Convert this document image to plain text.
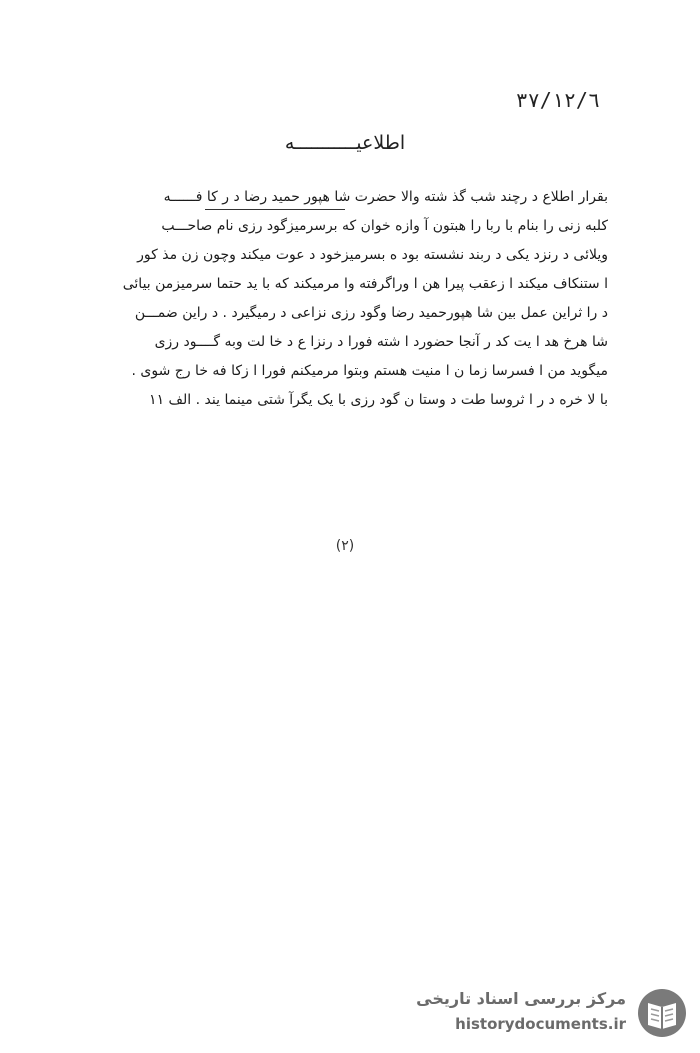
٣٧/١٢/٦
اطلاعیـــــــــــه
بقرار اطلاع د رچند شب گذ شته والا حضرت شا هپور حمید رضا د ر کا فــــــه
کلبه زنی را بنام با ربا را هبتون آ وازه خوان که برسرمیزگود رزی نام صاحـــب
ویلائی د رنزد یکی د ربند نشسته بود ه بسرمیزخود د عوت میکند وچون زن مذ کور
ا ستنکاف میکند ا زعقب پیرا هن ا وراگرفته وا مرمیکند که با ید حتما سرمیزمن بیائی
د را ثراین عمل بین شا هپورحمید رضا وگود رزی نزاعی د رمیگیرد . د راین ضمـــن
شا هرخ هد ا یت کد ر آنجا حضورد ا شته فورا د رنزا ع د خا لت وبه گــــود رزی
میگوید من ا فسرسا زما ن ا منیت هستم وبتوا مرمیکنم فورا ا زکا فه خا رج شوی .
با لا خره د ر ا ثروسا طت د وستا ن گود رزی با یک یگرآ شتی مینما یند . الف ١١
(٢)
مرکز بررسی اسناد تاریخی
historydocuments.ir
